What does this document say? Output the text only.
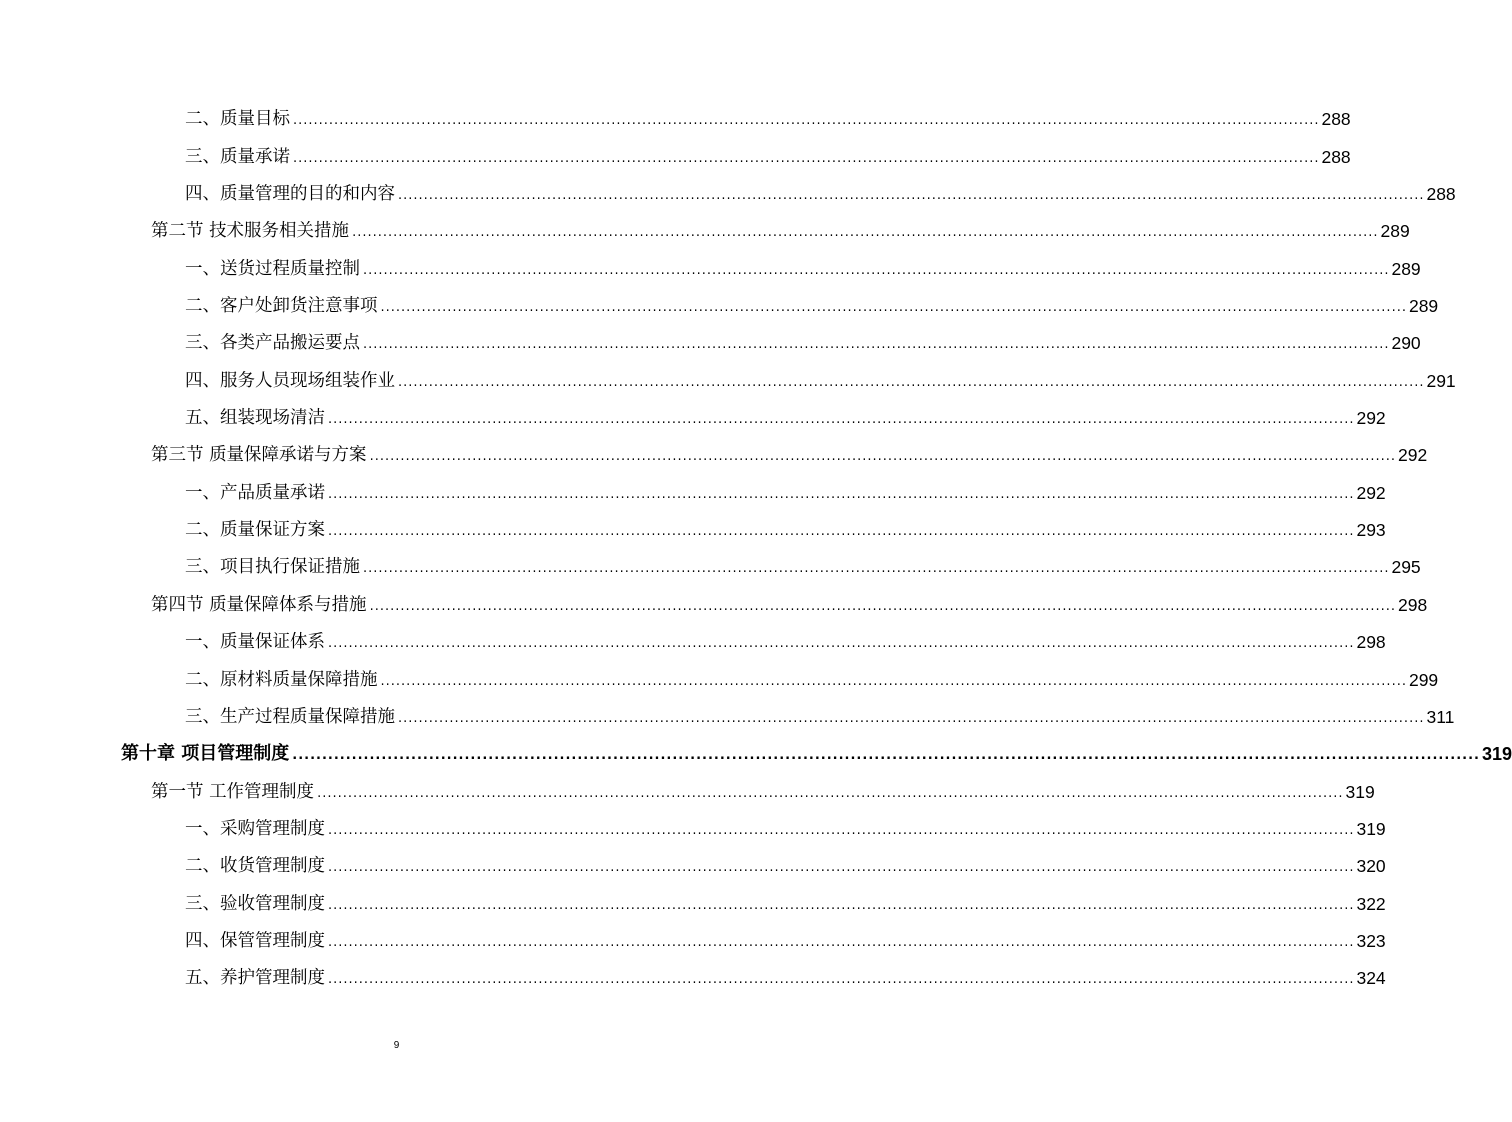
二、质量目标 ........................................................................................................................................................................................................ 288
三、质量承诺 ........................................................................................................................................................................................................ 288
四、质量管理的目的和内容 ........................................................................................................................................................................................................ 288
第二节 技术服务相关措施 ........................................................................................................................................................................................................ 289
一、送货过程质量控制 ........................................................................................................................................................................................................ 289
二、客户处卸货注意事项 ........................................................................................................................................................................................................ 289
三、各类产品搬运要点 ........................................................................................................................................................................................................ 290
四、服务人员现场组装作业 ........................................................................................................................................................................................................ 291
五、组装现场清洁 ........................................................................................................................................................................................................ 292
第三节 质量保障承诺与方案 ........................................................................................................................................................................................................ 292
一、产品质量承诺 ........................................................................................................................................................................................................ 292
二、质量保证方案 ........................................................................................................................................................................................................ 293
三、项目执行保证措施 ........................................................................................................................................................................................................ 295
第四节 质量保障体系与措施 ........................................................................................................................................................................................................ 298
一、质量保证体系 ........................................................................................................................................................................................................ 298
二、原材料质量保障措施 ........................................................................................................................................................................................................ 299
三、生产过程质量保障措施 ........................................................................................................................................................................................................ 311
第十章 项目管理制度 ........................................................................................................................................................................................................ 319
第一节 工作管理制度 ........................................................................................................................................................................................................ 319
一、采购管理制度 ........................................................................................................................................................................................................ 319
二、收货管理制度 ........................................................................................................................................................................................................ 320
三、验收管理制度 ........................................................................................................................................................................................................ 322
四、保管管理制度 ........................................................................................................................................................................................................ 323
五、养护管理制度 ........................................................................................................................................................................................................ 324
9
